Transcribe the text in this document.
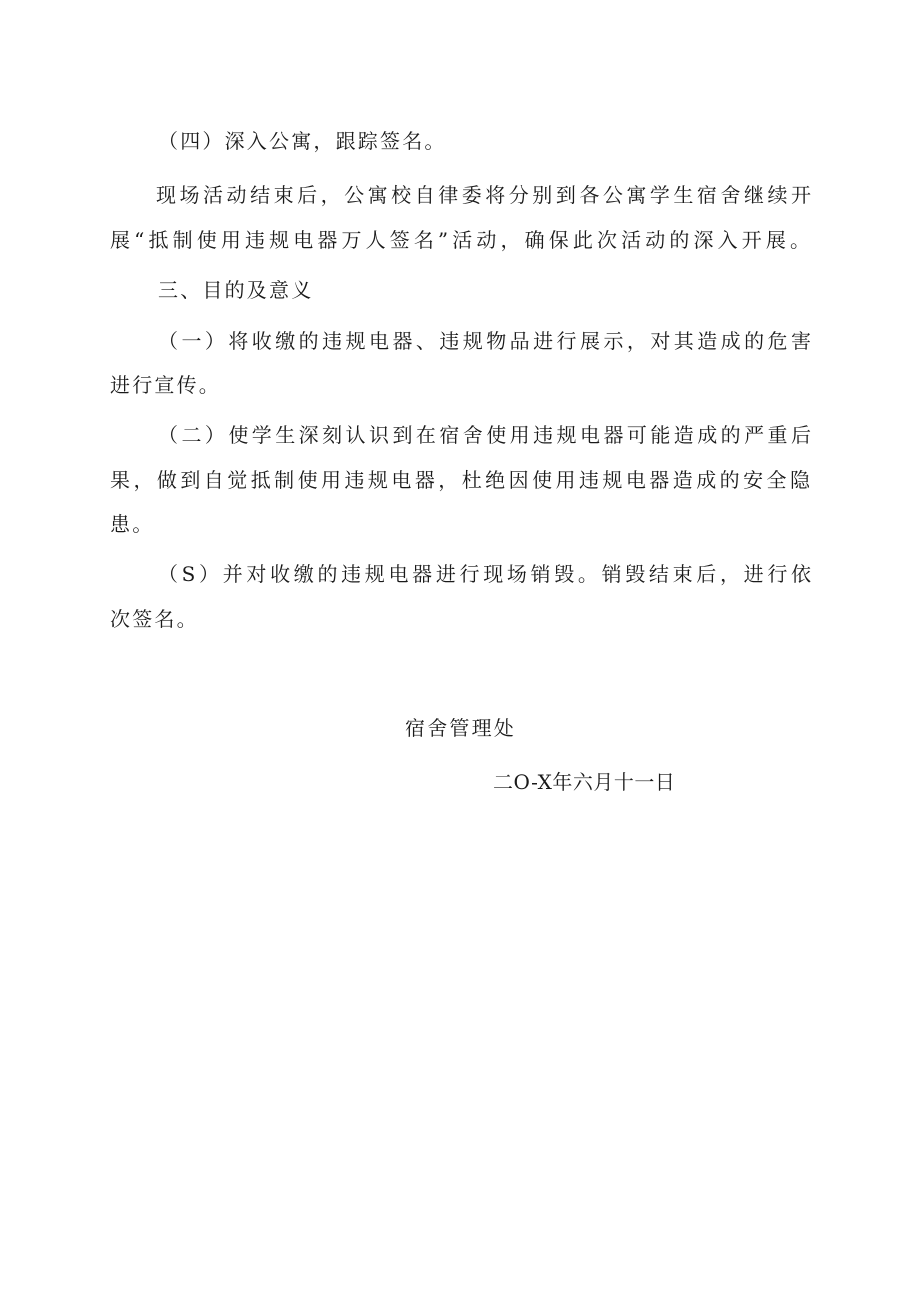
（四）深入公寓，跟踪签名。
现场活动结束后，公寓校自律委将分别到各公寓学生宿舍继续开
展“抵制使用违规电器万人签名”活动，确保此次活动的深入开展。
三、目的及意义
（一）将收缴的违规电器、违规物品进行展示，对其造成的危害
进行宣传。
（二）使学生深刻认识到在宿舍使用违规电器可能造成的严重后
果，做到自觉抵制使用违规电器，杜绝因使用违规电器造成的安全隐
患。
（S）并对收缴的违规电器进行现场销毁。销毁结束后，进行依
次签名。
宿舍管理处
二O-X年六月十一日
